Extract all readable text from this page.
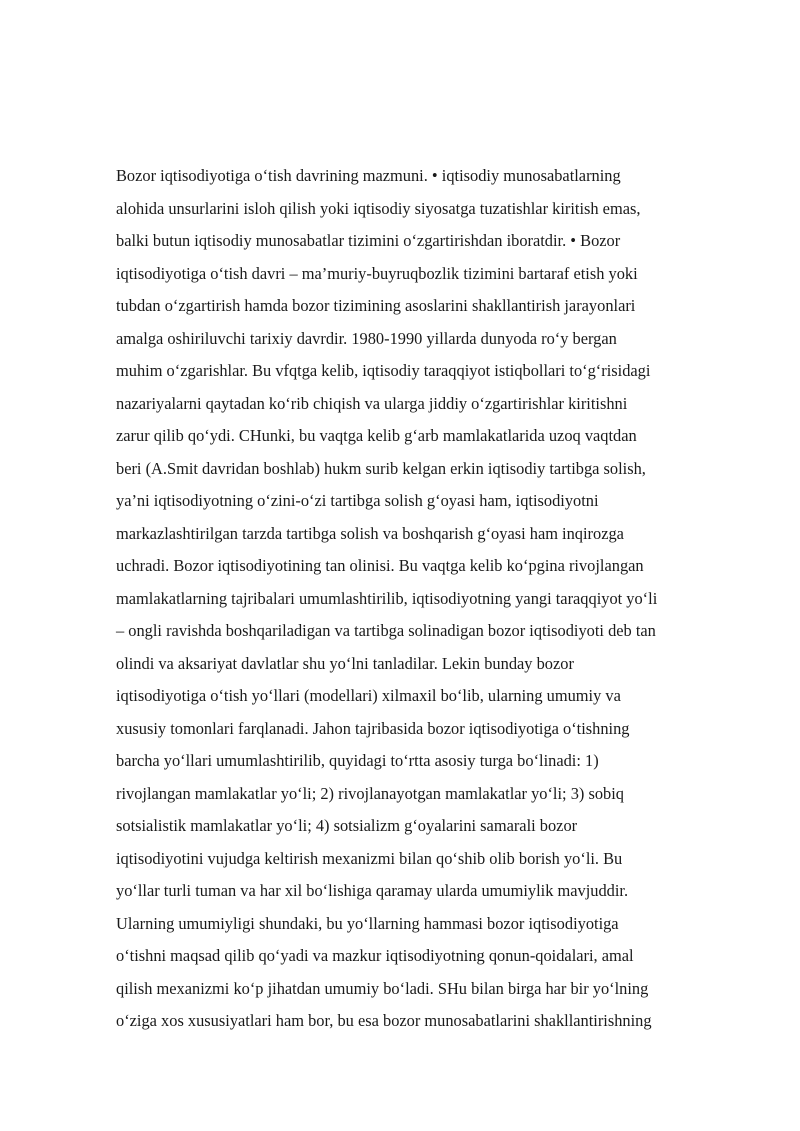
Bozor iqtisodiyotiga o‘tish davrining mazmuni. • iqtisodiy munosabatlarning
alohida unsurlarini isloh qilish yoki iqtisodiy siyosatga tuzatishlar kiritish emas,
balki butun iqtisodiy munosabatlar tizimini o‘zgartirishdan iboratdir. • Bozor
iqtisodiyotiga o‘tish davri – ma’muriy-buyruqbozlik tizimini bartaraf etish yoki
tubdan o‘zgartirish hamda bozor tizimining asoslarini shakllantirish jarayonlari
amalga oshiriluvchi tarixiy davrdir. 1980-1990 yillarda dunyoda ro‘y bergan
muhim o‘zgarishlar. Bu vfqtga kelib, iqtisodiy taraqqiyot istiqbollari to‘g‘risidagi
nazariyalarni qaytadan ko‘rib chiqish va ularga jiddiy o‘zgartirishlar kiritishni
zarur qilib qo‘ydi. CHunki, bu vaqtga kelib g‘arb mamlakatlarida uzoq vaqtdan
beri (A.Smit davridan boshlab) hukm surib kelgan erkin iqtisodiy tartibga solish,
ya’ni iqtisodiyotning o‘zini-o‘zi tartibga solish g‘oyasi ham, iqtisodiyotni
markazlashtirilgan tarzda tartibga solish va boshqarish g‘oyasi ham inqirozga
uchradi. Bozor iqtisodiyotining tan olinisi. Bu vaqtga kelib ko‘pgina rivojlangan
mamlakatlarning tajribalari umumlashtirilib, iqtisodiyotning yangi taraqqiyot yo‘li
– ongli ravishda boshqariladigan va tartibga solinadigan bozor iqtisodiyoti deb tan
olindi va aksariyat davlatlar shu yo‘lni tanladilar. Lekin bunday bozor
iqtisodiyotiga o‘tish yo‘llari (modellari) xilmaxil bo‘lib, ularning umumiy va
xususiy tomonlari farqlanadi. Jahon tajribasida bozor iqtisodiyotiga o‘tishning
barcha yo‘llari umumlashtirilib, quyidagi to‘rtta asosiy turga bo‘linadi: 1)
rivojlangan mamlakatlar yo‘li; 2) rivojlanayotgan mamlakatlar yo‘li; 3) sobiq
sotsialistik mamlakatlar yo‘li; 4) sotsializm g‘oyalarini samarali bozor
iqtisodiyotini vujudga keltirish mexanizmi bilan qo‘shib olib borish yo‘li. Bu
yo‘llar turli tuman va har xil bo‘lishiga qaramay ularda umumiylik mavjuddir.
Ularning umumiyligi shundaki, bu yo‘llarning hammasi bozor iqtisodiyotiga
o‘tishni maqsad qilib qo‘yadi va mazkur iqtisodiyotning qonun-qoidalari, amal
qilish mexanizmi ko‘p jihatdan umumiy bo‘ladi. SHu bilan birga har bir yo‘lning
o‘ziga xos xususiyatlari ham bor, bu esa bozor munosabatlarini shakllantirishning
